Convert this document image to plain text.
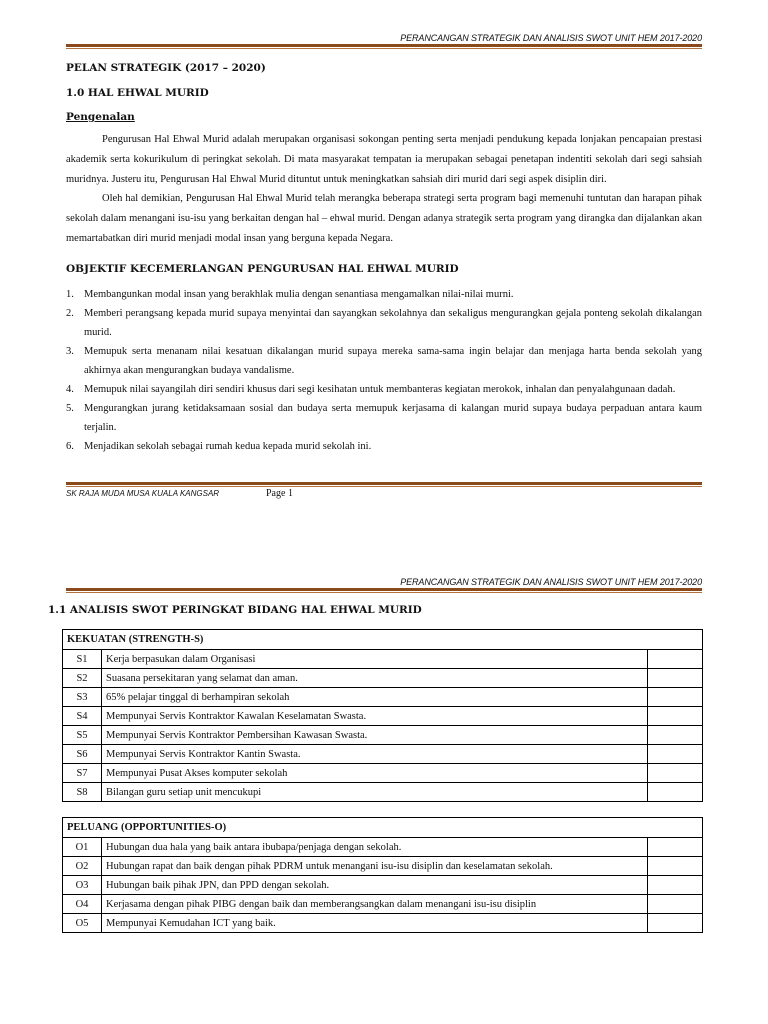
PERANCANGAN STRATEGIK DAN ANALISIS SWOT UNIT HEM 2017-2020
PELAN STRATEGIK (2017 – 2020)
1.0 HAL EHWAL MURID
Pengenalan
Pengurusan Hal Ehwal Murid adalah merupakan organisasi sokongan penting serta menjadi pendukung kepada lonjakan pencapaian prestasi akademik serta kokurikulum di peringkat sekolah. Di mata masyarakat tempatan ia merupakan sebagai penetapan indentiti sekolah dari segi sahsiah muridnya. Justeru itu, Pengurusan Hal Ehwal Murid dituntut untuk meningkatkan sahsiah diri murid dari segi aspek disiplin diri.
Oleh hal demikian, Pengurusan Hal Ehwal Murid telah merangka beberapa strategi serta program bagi memenuhi tuntutan dan harapan pihak sekolah dalam menangani isu-isu yang berkaitan dengan hal – ehwal murid. Dengan adanya strategik serta program yang dirangka dan dijalankan akan memartabatkan diri murid menjadi modal insan yang berguna kepada Negara.
OBJEKTIF KECEMERLANGAN PENGURUSAN HAL EHWAL MURID
1. Membangunkan modal insan yang berakhlak mulia dengan senantiasa mengamalkan nilai-nilai murni.
2. Memberi perangsang kepada murid supaya menyintai dan sayangkan sekolahnya dan sekaligus mengurangkan gejala ponteng sekolah dikalangan murid.
3. Memupuk serta menanam nilai kesatuan dikalangan murid supaya mereka sama-sama ingin belajar dan menjaga harta benda sekolah yang akhirnya akan mengurangkan budaya vandalisme.
4. Memupuk nilai sayangilah diri sendiri khusus dari segi kesihatan untuk membanteras kegiatan merokok, inhalan dan penyalahgunaan dadah.
5. Mengurangkan jurang ketidaksamaan sosial dan budaya serta memupuk kerjasama di kalangan murid supaya budaya perpaduan antara kaum terjalin.
6. Menjadikan sekolah sebagai rumah kedua kepada murid sekolah ini.
SK RAJA MUDA MUSA KUALA KANGSAR	Page 1
PERANCANGAN STRATEGIK DAN ANALISIS SWOT UNIT HEM 2017-2020
1.1 ANALISIS SWOT PERINGKAT BIDANG HAL EHWAL MURID
KEKUATAN (STRENGTH-S)		
S1	Kerja berpasukan dalam Organisasi	
S2	Suasana persekitaran yang selamat dan aman.	
S3	65% pelajar tinggal di berhampiran sekolah	
S4	Mempunyai Servis Kontraktor Kawalan Keselamatan Swasta.	
S5	Mempunyai Servis Kontraktor Pembersihan Kawasan Swasta.	
S6	Mempunyai Servis Kontraktor Kantin Swasta.	
S7	Mempunyai Pusat Akses komputer sekolah	
S8	Bilangan guru setiap unit mencukupi	
PELUANG (OPPORTUNITIES-O)		
O1	Hubungan dua hala yang baik antara ibubapa/penjaga dengan sekolah.	
O2	Hubungan rapat dan baik dengan pihak PDRM untuk menangani isu-isu disiplin dan keselamatan sekolah.	
O3	Hubungan baik pihak JPN, dan PPD dengan sekolah.	
O4	Kerjasama dengan pihak PIBG dengan baik dan memberangsangkan dalam menangani isu-isu disiplin	
O5	Mempunyai Kemudahan ICT yang baik.	
